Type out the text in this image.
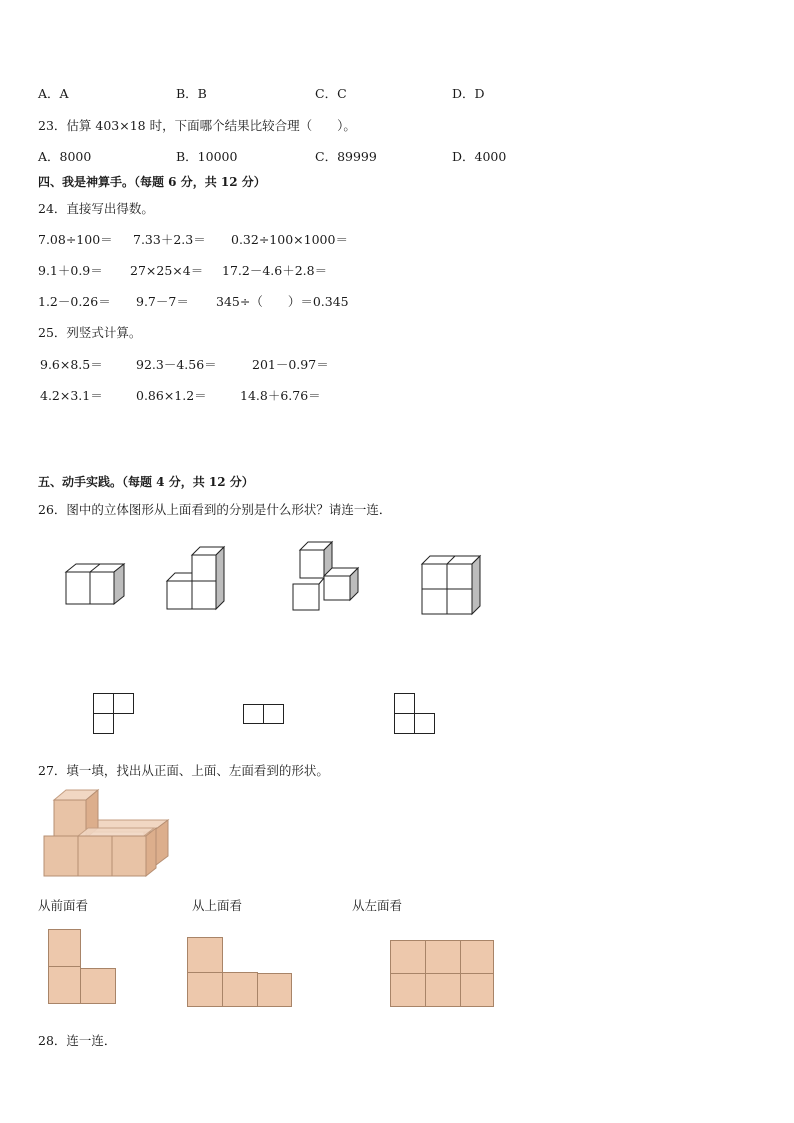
A．A	B．B	C．C	D．D
23．估算 403×18 时，下面哪个结果比较合理（　　）。
A．8000	B．10000	C．89999	D．4000
四、我是神算手。（每题 6 分，共 12 分）
24．直接写出得数。
7.08÷100＝ 7.33＋2.3＝ 0.32÷100×1000＝
9.1＋0.9＝ 27×25×4＝ 17.2－4.6＋2.8＝
1.2－0.26＝ 9.7－7＝ 345÷（　　）＝0.345
25．列竖式计算。
9.6×8.5＝	92.3－4.56＝	201－0.97＝
4.2×3.1＝	0.86×1.2＝	14.8＋6.76＝
五、动手实践。（每题 4 分，共 12 分）
26．图中的立体图形从上面看到的分别是什么形状？请连一连．
27．填一填，找出从正面、上面、左面看到的形状。
从前面看	从上面看	从左面看
28．连一连．
